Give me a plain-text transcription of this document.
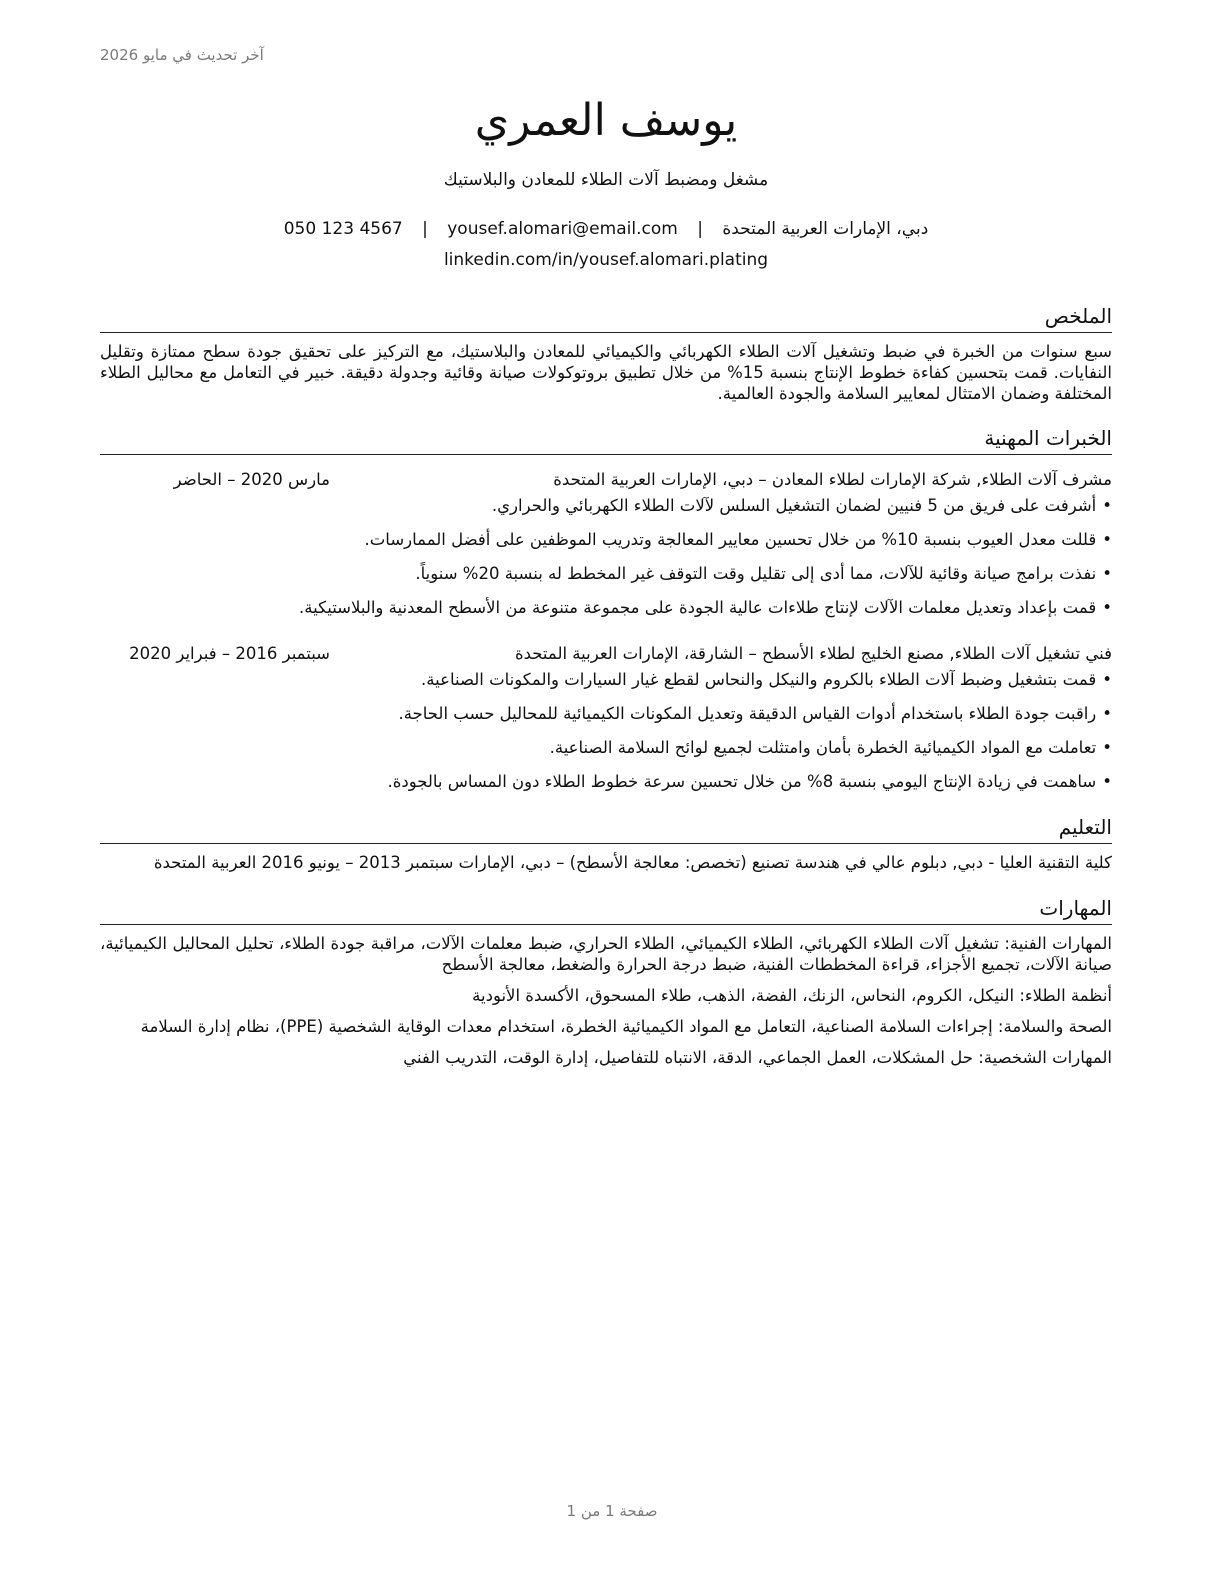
آخر تحديث في مايو 2026
يوسف العمري
مشغل ومضبط آلات الطلاء للمعادن والبلاستيك
050 123 4567 | yousef.alomari@email.com | دبي، الإمارات العربية المتحدة
linkedin.com/in/yousef.alomari.plating
الملخص
سبع سنوات من الخبرة في ضبط وتشغيل آلات الطلاء الكهربائي والكيميائي للمعادن والبلاستيك، مع التركيز على تحقيق جودة سطح ممتازة وتقليل النفايات. قمت بتحسين كفاءة خطوط الإنتاج بنسبة 15% من خلال تطبيق بروتوكولات صيانة وقائية وجدولة دقيقة. خبير في التعامل مع محاليل الطلاء المختلفة وضمان الامتثال لمعايير السلامة والجودة العالمية.
الخبرات المهنية
مشرف آلات الطلاء, شركة الإمارات لطلاء المعادن – دبي، الإمارات العربية المتحدة
مارس 2020 – الحاضر
•أشرفت على فريق من 5 فنيين لضمان التشغيل السلس لآلات الطلاء الكهربائي والحراري.
•قللت معدل العيوب بنسبة 10% من خلال تحسين معايير المعالجة وتدريب الموظفين على أفضل الممارسات.
•نفذت برامج صيانة وقائية للآلات، مما أدى إلى تقليل وقت التوقف غير المخطط له بنسبة 20% سنوياً.
•قمت بإعداد وتعديل معلمات الآلات لإنتاج طلاءات عالية الجودة على مجموعة متنوعة من الأسطح المعدنية والبلاستيكية.
فني تشغيل آلات الطلاء, مصنع الخليج لطلاء الأسطح – الشارقة، الإمارات العربية المتحدة
سبتمبر 2016 – فبراير 2020
•قمت بتشغيل وضبط آلات الطلاء بالكروم والنيكل والنحاس لقطع غيار السيارات والمكونات الصناعية.
•راقبت جودة الطلاء باستخدام أدوات القياس الدقيقة وتعديل المكونات الكيميائية للمحاليل حسب الحاجة.
•تعاملت مع المواد الكيميائية الخطرة بأمان وامتثلت لجميع لوائح السلامة الصناعية.
•ساهمت في زيادة الإنتاج اليومي بنسبة 8% من خلال تحسين سرعة خطوط الطلاء دون المساس بالجودة.
التعليم
كلية التقنية العليا - دبي, دبلوم عالي في هندسة تصنيع (تخصص: معالجة الأسطح) – دبي، الإمارات سبتمبر 2013 – يونيو 2016 العربية المتحدة
المهارات
المهارات الفنية: تشغيل آلات الطلاء الكهربائي، الطلاء الكيميائي، الطلاء الحراري، ضبط معلمات الآلات، مراقبة جودة الطلاء، تحليل المحاليل الكيميائية، صيانة الآلات، تجميع الأجزاء، قراءة المخططات الفنية، ضبط درجة الحرارة والضغط، معالجة الأسطح
أنظمة الطلاء: النيكل، الكروم، النحاس، الزنك، الفضة، الذهب، طلاء المسحوق، الأكسدة الأنودية
الصحة والسلامة: إجراءات السلامة الصناعية، التعامل مع المواد الكيميائية الخطرة، استخدام معدات الوقاية الشخصية (PPE)، نظام إدارة السلامة
المهارات الشخصية: حل المشكلات، العمل الجماعي، الدقة، الانتباه للتفاصيل، إدارة الوقت، التدريب الفني
صفحة 1 من 1
